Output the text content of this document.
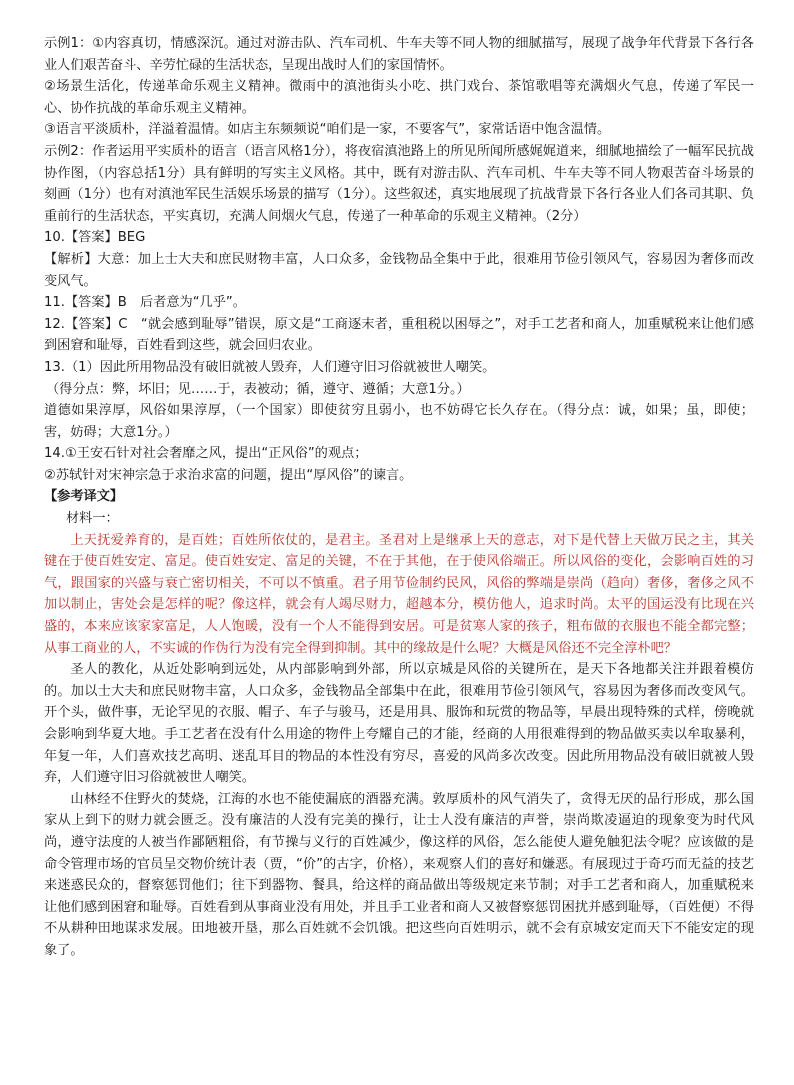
示例1：①内容真切，情感深沉。通过对游击队、汽车司机、牛车夫等不同人物的细腻描写，展现了战争年代背景下各行各业人们艰苦奋斗、辛劳忙碌的生活状态，呈现出战时人们的家国情怀。

②场景生活化，传递革命乐观主义精神。微雨中的滇池街头小吃、拱门戏台、茶馆歌唱等充满烟火气息，传递了军民一心、协作抗战的革命乐观主义精神。

③语言平淡质朴，洋溢着温情。如店主东频频说“咱们是一家，不要客气”，家常话语中饱含温情。

示例2：作者运用平实质朴的语言（语言风格1分），将夜宿滇池路上的所见所闻所感娓娓道来，细腻地描绘了一幅军民抗战协作图，（内容总括1分）具有鲜明的写实主义风格。其中，既有对游击队、汽车司机、牛车夫等不同人物艰苦奋斗场景的刻画（1分）也有对滇池军民生活娱乐场景的描写（1分）。这些叙述，真实地展现了抗战背景下各行各业人们各司其职、负重前行的生活状态，平实真切，充满人间烟火气息，传递了一种革命的乐观主义精神。（2分）

10.【答案】BEG

【解析】大意：加上士大夫和庶民财物丰富，人口众多，金钱物品全集中于此，很难用节俭引领风气，容易因为奢侈而改变风气。

11.【答案】B　后者意为“几乎”。

12.【答案】C　“就会感到耻辱”错误，原文是“工商逐末者，重租税以困辱之”，对手工艺者和商人，加重赋税来让他们感到困窘和耻辱，百姓看到这些，就会回归农业。

13.（1）因此所用物品没有破旧就被人毁弃，人们遵守旧习俗就被世人嘲笑。

（得分点：弊，坏旧；见……于，表被动；循，遵守、遵循；大意1分。）

道德如果淳厚，风俗如果淳厚，（一个国家）即使贫穷且弱小，也不妨碍它长久存在。（得分点：诚，如果；虽，即使；害，妨碍；大意1分。）

14.①王安石针对社会奢靡之风，提出“正风俗”的观点；

②苏轼针对宋神宗急于求治求富的问题，提出“厚风俗”的谏言。

【参考译文】

材料一：

上天抚爱养育的，是百姓；百姓所依仗的，是君主。圣君对上是继承上天的意志，对下是代替上天做万民之主，其关键在于使百姓安定、富足。使百姓安定、富足的关键，不在于其他，在于使风俗端正。所以风俗的变化，会影响百姓的习气，跟国家的兴盛与衰亡密切相关，不可以不慎重。君子用节俭制约民风，风俗的弊端是崇尚（趋向）奢侈，奢侈之风不加以制止，害处会是怎样的呢？像这样，就会有人竭尽财力，超越本分，模仿他人，追求时尚。太平的国运没有比现在兴盛的，本来应该家家富足，人人饱暖，没有一个人不能得到安居。可是贫寒人家的孩子，粗布做的衣服也不能全都完整；从事工商业的人，不实诚的作伪行为没有完全得到抑制。其中的缘故是什么呢？大概是风俗还不完全淳朴吧？

圣人的教化，从近处影响到远处，从内部影响到外部，所以京城是风俗的关键所在，是天下各地都关注并跟着模仿的。加以士大夫和庶民财物丰富，人口众多，金钱物品全部集中在此，很难用节俭引领风气，容易因为奢侈而改变风气。开个头，做件事，无论罕见的衣服、帽子、车子与骏马，还是用具、服饰和玩赏的物品等，早晨出现特殊的式样，傍晚就会影响到华夏大地。手工艺者在没有什么用途的物件上夸耀自己的才能，经商的人用很难得到的物品做买卖以牟取暴利，年复一年，人们喜欢技艺高明、迷乱耳目的物品的本性没有穷尽，喜爱的风尚多次改变。因此所用物品没有破旧就被人毁弃，人们遵守旧习俗就被世人嘲笑。

山林经不住野火的焚烧，江海的水也不能使漏底的酒器充满。敦厚质朴的风气消失了，贪得无厌的品行形成，那么国家从上到下的财力就会匮乏。没有廉洁的人没有完美的操行，让士人没有廉洁的声誉，崇尚欺凌逼迫的现象变为时代风尚，遵守法度的人被当作鄙陋粗俗，有节操与义行的百姓减少，像这样的风俗，怎么能使人避免触犯法令呢？应该做的是命令管理市场的官员呈交物价统计表（贾，“价”的古字，价格），来观察人们的喜好和嫌恶。有展现过于奇巧而无益的技艺来迷惑民众的，督察惩罚他们；往下到器物、餐具，给这样的商品做出等级规定来节制；对手工艺者和商人，加重赋税来让他们感到困窘和耻辱。百姓看到从事商业没有用处，并且手工业者和商人又被督察惩罚困扰并感到耻辱，（百姓便）不得不从耕种田地谋求发展。田地被开垦，那么百姓就不会饥饿。把这些向百姓明示，就不会有京城安定而天下不能安定的现象了。
